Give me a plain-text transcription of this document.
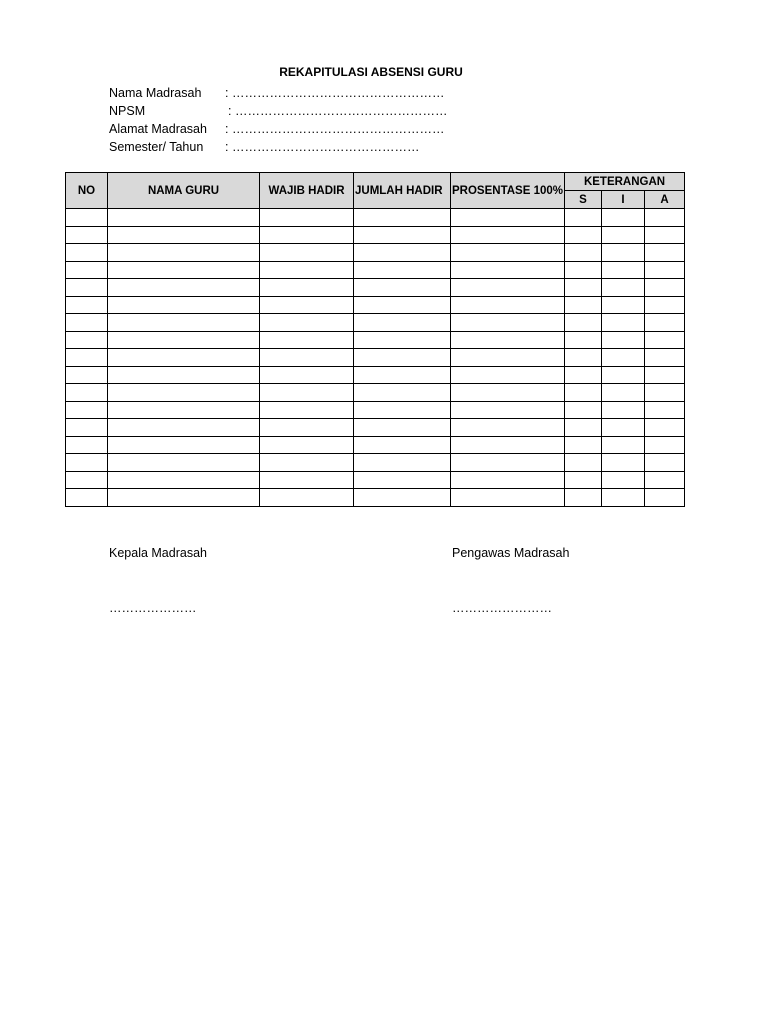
REKAPITULASI ABSENSI GURU
Nama Madrasah : ……………………………………………
NPSM	: ……………………………………………
Alamat Madrasah : ……………………………………………
Semester/ Tahun : ………………………………………
NO	NAMA GURU	WAJIB HADIR	JUMLAH HADIR	PROSENTASE 100%	KETERANGAN		
					S	I	A

Kepala Madrasah
…………………
Pengawas Madrasah
……………………
